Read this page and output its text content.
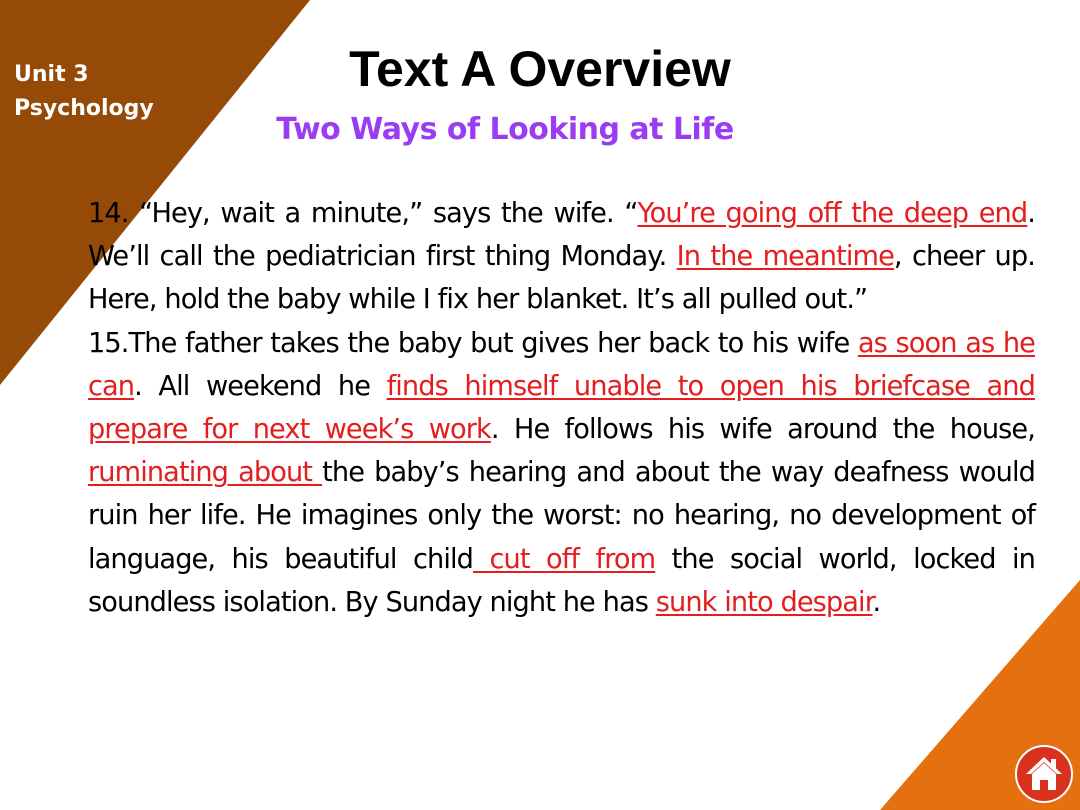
Unit 3
Psychology
Text A Overview
Two Ways of Looking at Life

14. “Hey, wait a minute,” says the wife. “You’re going off the deep end. We’ll call the pediatrician first thing Monday. In the meantime, cheer up. Here, hold the baby while I fix her blanket. It’s all pulled out.”

15.The father takes the baby but gives her back to his wife as soon as he can. All weekend he finds himself unable to open his briefcase and prepare for next week’s work. He follows his wife around the house, ruminating about the baby’s hearing and about the way deafness would ruin her life. He imagines only the worst: no hearing, no development of language, his beautiful child cut off from the social world, locked in soundless isolation. By Sunday night he has sunk into despair.
